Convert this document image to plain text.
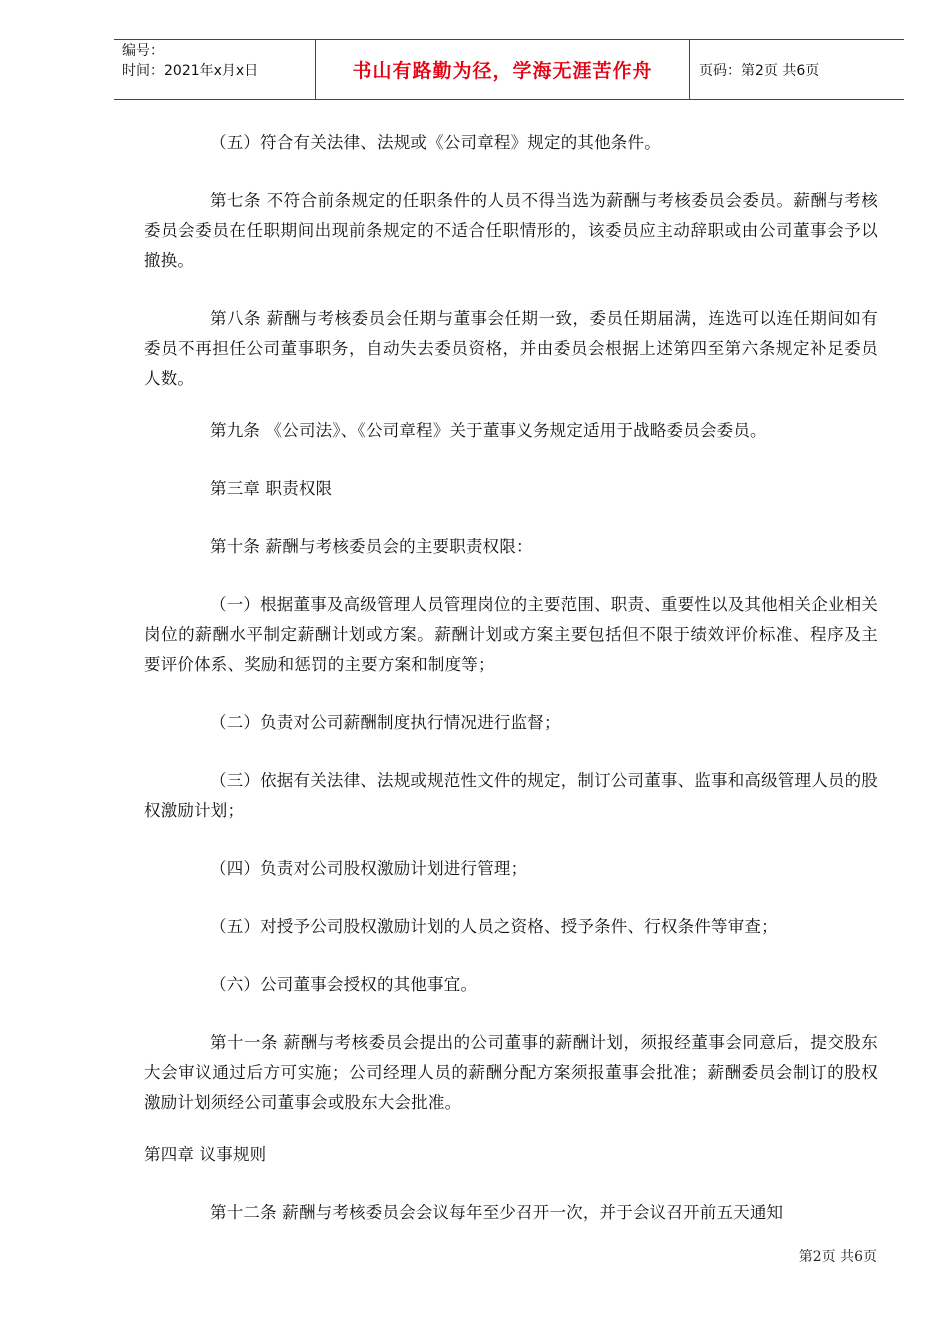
编号：
时间：2021年x月x日	书山有路勤为径，学海无涯苦作舟	页码：第2页 共6页

（五）符合有关法律、法规或《公司章程》规定的其他条件。

第七条 不符合前条规定的任职条件的人员不得当选为薪酬与考核委员会委员。薪酬与考核委员会委员在任职期间出现前条规定的不适合任职情形的，该委员应主动辞职或由公司董事会予以撤换。

第八条 薪酬与考核委员会任期与董事会任期一致，委员任期届满，连选可以连任期间如有委员不再担任公司董事职务，自动失去委员资格，并由委员会根据上述第四至第六条规定补足委员人数。

第九条 《公司法》、《公司章程》关于董事义务规定适用于战略委员会委员。

第三章 职责权限

第十条 薪酬与考核委员会的主要职责权限：

（一）根据董事及高级管理人员管理岗位的主要范围、职责、重要性以及其他相关企业相关岗位的薪酬水平制定薪酬计划或方案。薪酬计划或方案主要包括但不限于绩效评价标准、程序及主要评价体系、奖励和惩罚的主要方案和制度等；

（二）负责对公司薪酬制度执行情况进行监督；

（三）依据有关法律、法规或规范性文件的规定，制订公司董事、监事和高级管理人员的股权激励计划；

（四）负责对公司股权激励计划进行管理；

（五）对授予公司股权激励计划的人员之资格、授予条件、行权条件等审查；

（六）公司董事会授权的其他事宜。

第十一条 薪酬与考核委员会提出的公司董事的薪酬计划，须报经董事会同意后，提交股东大会审议通过后方可实施；公司经理人员的薪酬分配方案须报董事会批准；薪酬委员会制订的股权激励计划须经公司董事会或股东大会批准。

第四章 议事规则

第十二条 薪酬与考核委员会会议每年至少召开一次，并于会议召开前五天通知

第2页 共6页
